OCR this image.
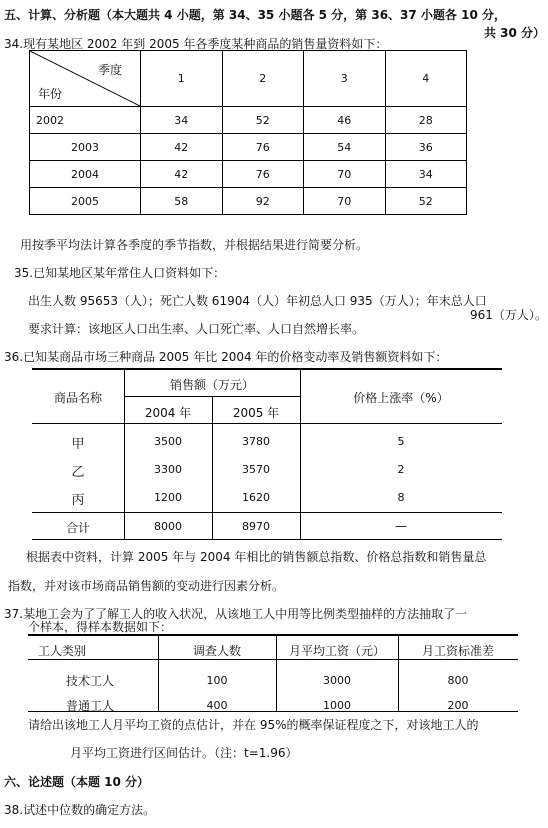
五、计算、分析题（本大题共 4 小题，第 34、35 小题各 5 分，第 36、37 小题各 10 分，
共 30 分）
34.现有某地区 2002 年到 2005 年各季度某种商品的销售量资料如下：
季度
年份	1	2	3	4
2002	34	52	46	28
2003	42	76	54	36
2004	42	76	70	34
2005	58	92	70	52
用按季平均法计算各季度的季节指数，并根据结果进行简要分析。
35.已知某地区某年常住人口资料如下：
出生人数 95653（人）；死亡人数 61904（人）年初总人口 935（万人）；年末总人口
961（万人）。
要求计算：该地区人口出生率、人口死亡率、人口自然增长率。
36.已知某商品市场三种商品 2005 年比 2004 年的价格变动率及销售额资料如下：
商品名称
销售额（万元）
2004 年	2005 年
价格上涨率（%）
甲	3500	3780	5
乙	3300	3570	2
丙	1200	1620	8
合计	8000	8970	—
根据表中资料，计算 2005 年与 2004 年相比的销售额总指数、价格总指数和销售量总
指数，并对该市场商品销售额的变动进行因素分析。
37.某地工会为了了解工人的收入状况，从该地工人中用等比例类型抽样的方法抽取了一
个样本，得样本数据如下：
工人类别	调查人数	月平均工资（元）	月工资标准差
技术工人	100	3000	800
普通工人	400	1000	200
请给出该地工人月平均工资的点估计，并在 95%的概率保证程度之下，对该地工人的
月平均工资进行区间估计。（注：t=1.96）
六、论述题（本题 10 分）
38.试述中位数的确定方法。
